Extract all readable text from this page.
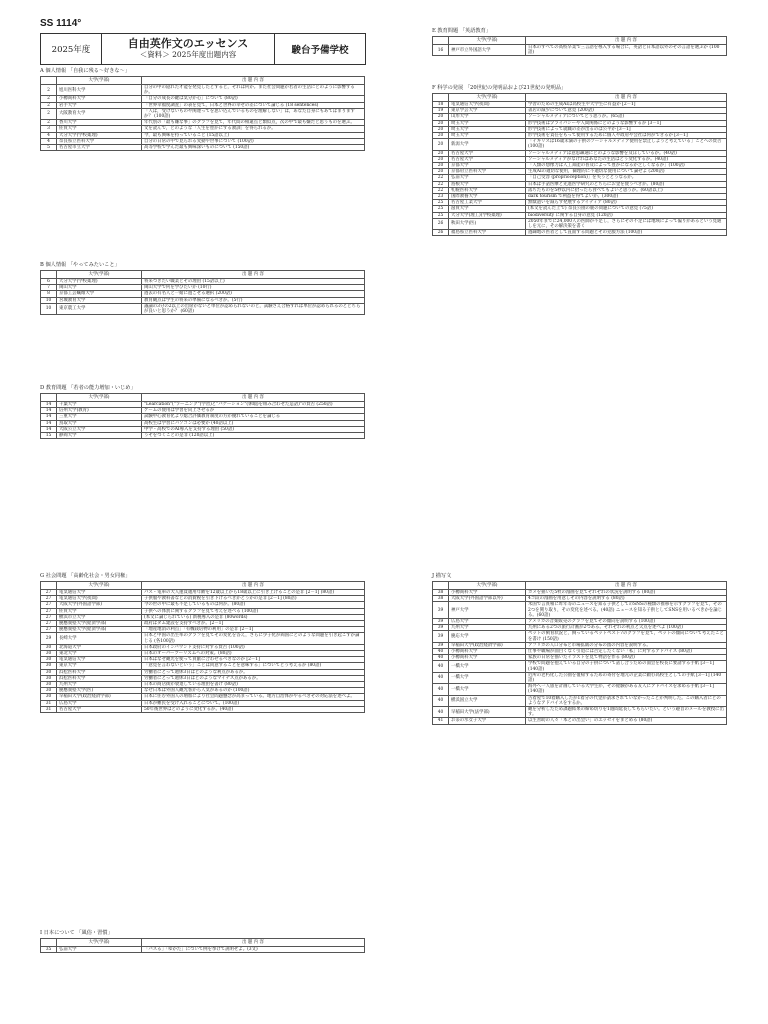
SS 1114°
2025年度	自由英作文のエッセンス
＜資料＞ 2025年度出題内容	駿台予備学校
A 個人情報 「自我に残る～好きな～」
	大学(学部)	出 題 内 容
2	旭川医科大学	自分の中の隠れた才能を発見したとすると，それは何か。また社会問題が若者の生活にどのように影響するか。
2	小樽商科大学	「自分の成長の鍵は気分か心」について (80語)
2	岩手大学	「世界幸福度調査」の表を見て，日本と世界の幸せの差について論じる (18 sentences)
2	大阪教育大学	「人は，受けないものや関連ってを思い込んでいるものを理解しない」は，あなた自身にもあてはまりますか？ (100語)
2	香川大学	年代別の「最も嫌な事」のグラフを見て，年代間の相違点と類似点，次の中で最も嫌だと思うものを選ぶ。
3	佐賀大学	文を読んで，どのような「人生を豊かにする教訓」を得られるか。
4	大分大学(学校薬理)	今，最も興味を持っていること (15語以上)
4	奈良県立医科大学	自分の日常の中で見られる変動や世事について (100語)
5	名古屋市立大学	高等学校で学んだ最も興味深いものについて (150語)
B 個人情報 「やってみたいこと」
	大学(学部)	出 題 内 容
6	大分大学(学校薬理)	将来つきたい職業とその理由 (15語以上)
7	岡山大学	岡山大学で何を学びたいか (10行)
8	京都工芸繊維大学	過去の有名人と一緒に過ごせる選択 (200語)
10	宮城教育大学	教育観点は学生の将来の準備になるべきか。(5行)
10	東京農工大学	議論の3分の2以上の出席がないと単位が認められないのと，試験さえ合格すれば単位が認められるのとどちらが良いと思うか？ (60語)
D 教育問題 「若者の能力増加・いじめ」
	大学(学部)	出 題 内 容
14	千葉大学	"Learcation"("ラーニング"(学習)と"バケーション"(休暇)を組み合わせた造語)"の賛否 (250語)
14	信州大学(教育)	ゲームの使用は学習を向上させるか
14	三重大学	試験中心教育化より総合評価教育制度の方が優れていることを論じる
14	鳥取大学	高校生は学習にパソコンは必要か (40語以上)
14	大阪公立大学	中学・高校でのAI導入を支持する理由 (50語)
15	静岡大学	うそをつくことの是非 (120語以上)
E 教育問題 「英語教育」
	大学(学部)	出 題 内 容
16	神戸市立外国語大学	日本のすべての高校卒業で三言語を導入する場合に，英語と日本語以外のその言語を選ぶか (100語)
F 科学の発展 「20世紀の発明品および21世紀の発明品」
	大学(学部)	出 題 内 容
18	電気通信大学(夜間)	学習のための生成AIは高校生や大学生に有益か [2－1]
19	東京学芸大学	書店の減少について意見 (200語)
20	山形大学	ソーシャルメディアについてどう思うか。(65語)
20	埼玉大学	形学技術はプライバシーや人間関係にどのような影響するか [3－1]
20	埼玉大学	形学技術によって就職の差が出るのは公平か [3－1]
20	埼玉大学	形学技術を責任をもって使用するために個人や政府や会社は何ができるか [3－1]
20	新潟大学	「イギリスは16歳未満の子供のソーシャルメディア使用を禁止しようと考えている」ことへの賛否 (100語)
20	名古屋大学	ソーシャルメディアは意思疎通にどのような影響を及ぼしているか。(40語)
20	名古屋大学	ソーシャルメディアがなければあなたの生活はどう変化するか。(40語)
20	京都大学	「人類の想像力は人工知能の普及によって豊かになるか乏しくなるか」(100語)
20	京都府立医科大学	生成AIの適切な使用，倫理的に不適切な使用について論ぜよ (200語)
22	弘前大学	「自己受容 (proprioception)」を失うとどうなるか。
22	島根大学	日本は手話医療と先進医学研究のどちらにお金を使うべきか。(80語)
22	札幌医科大学	落ちたものを5秒以内に拾ったら食べてもよいと思うか。(60語以上)
23	国際教養大学	dark tourism で利益を得てよいか。(300語)
25	名古屋工業大学	無駄遣いを減らす発展するアイディア (80語)
25	滋賀大学	(本文を読んだ上で) 奈良公園の鹿の問題についての意見 (75語)
25	大分大学(理工)(学校薬理)	biodiversity に関する自身の意見 (120語)
26	秋田大学(医)	2050年までに24,000人の医師が不足し，さらにその不足には地域によって偏りがあるという見通しを元に，その解決策を書く
26	福島県立医科大学	過疎地の医者として直面する問題とその克服方法 (100語)
G 社会問題 「高齢化社会・男女同権」
	大学(学部)	出 題 内 容
27	電気通信大学	バス・電車の大人運賃適用年齢を12歳以上から18歳以上に引き上げることの是非 [2－1] (80語)
27	電気通信大学(夜間)	子供服や教科書などの消費税を引き下げるべきかどうかの是非 [2－1] (80語)
27	大阪大学(外国語学部)	今の世の中に最も不足しているものは何か。(80語)
27	佐賀大学	子供への体罰に関するグラフを見て考えを述べる (100語)
27	横浜市立大学	(本文に論じられている) 新税導入の是非 (80words)
27	慶應義塾大学(経済学部)	政府はダム建設を支持すべきか。[2－1]
27	慶應義塾大学(経済学部)	「地産地消の利点」「有機栽培物の利用」の是非 [2－1]
29	長崎大学	日本と中国の出生率のグラフを見てその変化を答え，さらに少子化が両国にどのような問題を引き起こすか論じる (各100語)
30	北海道大学	日本政府のインバウンド支持に対する賛否 (100語)
30	東北大学	日本のオーバーツーリズムへの対策。(80語)
30	電気通信大学	日本はなぜ観光を使って貢献に合わせるべきなのか [2－1]
30	東京大学	「意見を言わないという」ことは同意することを意味する」についてどう考えるか (80語)
30	浜松医科大学	労働者にとって週休3日はどのような利点があるか。
30	浜松医科大学	労働者にとって週休3日はどのようなマイナス点があるか。
30	九州大学	日本の商店街が衰退している理由を書け (80語)
30	慶應義塾大学(医)	なぜ日本は外国人観光客から人気があるのか (100語)
30	早稲田大学(政治経済学部)	日本に住む外国人の増加により社会問題懸念が高まっている。地方自治体がやるべきその対応法を述べよ。
31	広島大学	日本が難民を受け入れることについて。(100語)
31	名古屋大学	50年後世界はどのように変化するか。(40語)
I 日本について 「風俗・習慣」
	大学(学部)	出 題 内 容
35	弘前大学	「バスる」「ゆかた」について例を挙げて説明せよ。(3文)
J 描写文
	大学(学部)	出 題 内 容
38	小樽商科大学	カメを描いた5枚の漫画を見てそれぞれの状況を説明する (80語)
38	大阪大学(外国語学部以外)	4コ段の漫画を用意しその内容を説明する (80語)
39	神戸大学	米国で言質相に昨年等のニュースを知る子供としてのSNSの種類の推移を示すグラフを見て，その2つを関り取り，その変化を述べる。(40語) ニュースを知る子供としてSNSを用いるべきかを論じる。(60語)
39	広島大学	アメリカの音楽販売のグラフを見てその傾向を説明する (100語)
39	九州大学	九州にある2つの旅行計画が2つある。それぞれの利点と欠点を述べよ (100語)
39	慶応大学	ペットの飼育状況と，飼っているペットペスト7のグラフを見て，ペットの傾向について考えたことを書け (150語)
39	早稲田大学(政治経済学部)	アフリカの人口分布と市場拡販の分布の図の内容を説明する。
40	小樽商科大学	仕事や職場が面白くなく引退には否定したくない「私」に対するアドバイス (80語)
40	小樽商科大学	家族の日常を描いたイラストを見て物語を作る (80語)
40	一橋大学	学校で問題を抱えている自分の子供について話し合うための面会を校長に要請する手紙 [3－1] (140語)
40	一橋大学	近所の老朽化した公園を復帰するための寄付を地元の企業に頼む高校生としての手紙 [3－1] (140語)
40	一橋大学	海外へ一人旅を計画している大学生が，その経験がある友人にアドバイスを求める手紙 [3－1] (140語)
40	横浜国立大学	古着屋で10着購入したが1着分の代金が請求されていなかったことが判明した。この購入者にどのようなアドバイスをするか。
40	早稲田大学(法学部)	観を分析したため課題結果の締め切りを1週間延長してもらいたい。という趣旨のメールを教授に出す。
41	お茶の水女子大学	以生善助の人々「本との出会い」のエッセイをまとめる (80語)
